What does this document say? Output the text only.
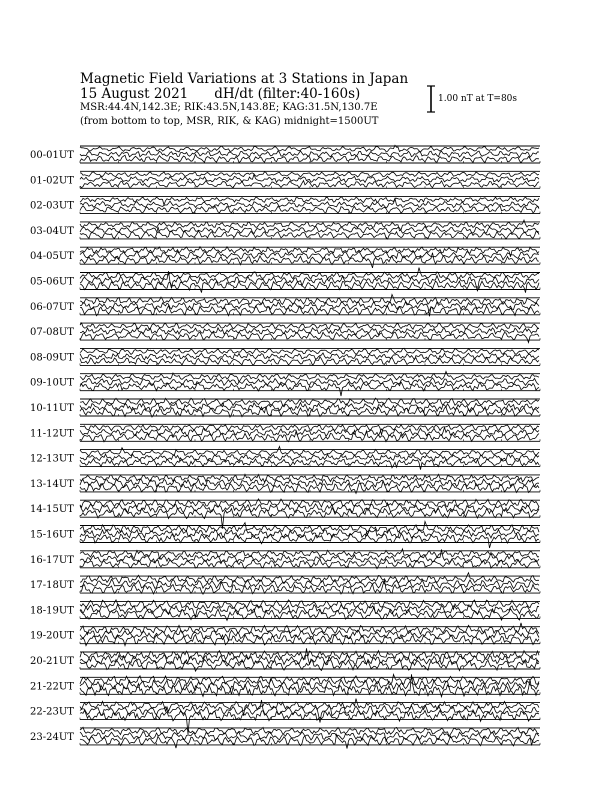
Magnetic Field Variations at 3 Stations in Japan
15 August 2021 dH/dt (filter:40-160s)
MSR:44.4N,142.3E; RIK:43.5N,143.8E; KAG:31.5N,130.7E
(from bottom to top, MSR, RIK, & KAG) midnight=1500UT
1.00 nT at T=80s
00-01UT
01-02UT
02-03UT
03-04UT
04-05UT
05-06UT
06-07UT
07-08UT
08-09UT
09-10UT
10-11UT
11-12UT
12-13UT
13-14UT
14-15UT
15-16UT
16-17UT
17-18UT
18-19UT
19-20UT
20-21UT
21-22UT
22-23UT
23-24UT
